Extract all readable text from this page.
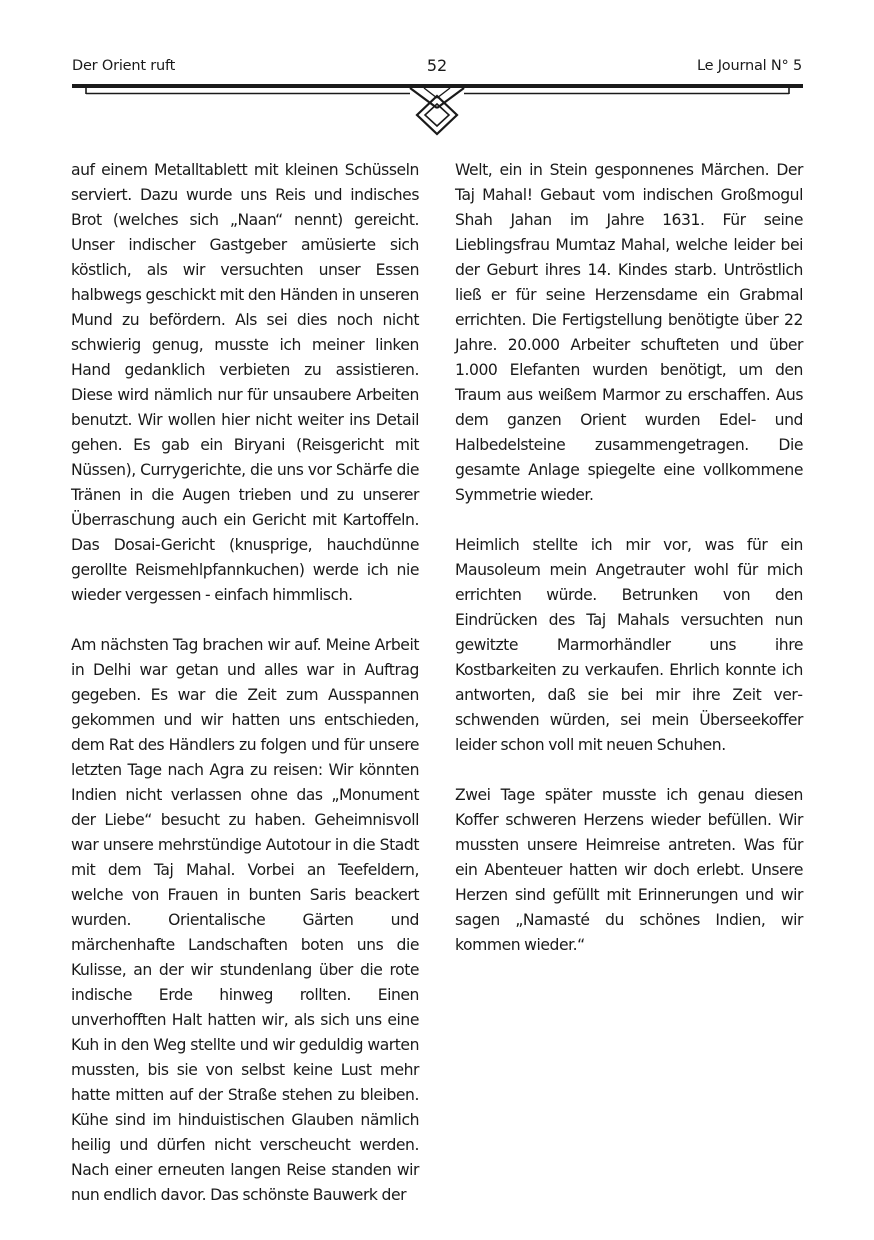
Der Orient ruft	52	Le Journal N° 5

auf einem Metalltablett mit kleinen Schüsseln serviert. Dazu wurde uns Reis und indisches Brot (welches sich „Naan“ nennt) gereicht. Unser indischer Gastgeber amüsierte sich köstlich, als wir versuchten unser Essen halbwegs geschickt mit den Händen in unseren Mund zu befördern. Als sei dies noch nicht schwierig genug, musste ich meiner linken Hand gedanklich verbieten zu assistieren. Diese wird nämlich nur für unsaubere Arbeiten benutzt. Wir wollen hier nicht weiter ins Detail gehen. Es gab ein Biryani (Reisgericht mit Nüssen), Currygerichte, die uns vor Schärfe die Tränen in die Augen trieben und zu unserer Überraschung auch ein Gericht mit Kartoffeln. Das Dosai-Gericht (knusprige, hauchdünne gerollte Reismehlpfannkuchen) werde ich nie wieder vergessen - einfach himmlisch.

Am nächsten Tag brachen wir auf. Meine Arbeit in Delhi war getan und alles war in Auftrag gegeben. Es war die Zeit zum Ausspannen gekommen und wir hatten uns entschieden, dem Rat des Händlers zu folgen und für unsere letzten Tage nach Agra zu reisen: Wir könnten Indien nicht verlassen ohne das „Monument der Liebe“ besucht zu haben. Geheimnisvoll war unsere mehrstündige Autotour in die Stadt mit dem Taj Mahal. Vorbei an Teefeldern, welche von Frauen in bunten Saris beackert wurden. Orientalische Gärten und märchenhafte Landschaften boten uns die Kulisse, an der wir stundenlang über die rote indische Erde hinweg rollten. Einen unverhofften Halt hatten wir, als sich uns eine Kuh in den Weg stellte und wir geduldig warten mussten, bis sie von selbst keine Lust mehr hatte mitten auf der Straße stehen zu bleiben. Kühe sind im hinduistischen Glauben nämlich heilig und dürfen nicht verscheucht werden. Nach einer erneuten langen Reise standen wir nun endlich davor. Das schönste Bauwerk der

Welt, ein in Stein gesponnenes Märchen. Der Taj Mahal! Gebaut vom indischen Großmogul Shah Jahan im Jahre 1631. Für seine Lieblingsfrau Mumtaz Mahal, welche leider bei der Geburt ihres 14. Kindes starb. Untröstlich ließ er für seine Herzensdame ein Grabmal errichten. Die Fertigstellung benötigte über 22 Jahre. 20.000 Arbeiter schufteten und über 1.000 Elefanten wurden benötigt, um den Traum aus weißem Marmor zu erschaffen. Aus dem ganzen Orient wurden Edel- und Halbedelsteine zusammengetragen. Die gesamte Anlage spiegelte eine vollkommene Symmetrie wieder.

Heimlich stellte ich mir vor, was für ein Mausoleum mein Angetrauter wohl für mich errichten würde. Betrunken von den Eindrücken des Taj Mahals versuchten nun gewitzte Marmorhändler uns ihre Kostbarkeiten zu verkaufen. Ehrlich konnte ich antworten, daß sie bei mir ihre Zeit verschwenden würden, sei mein Überseekoffer leider schon voll mit neuen Schuhen.

Zwei Tage später musste ich genau diesen Koffer schweren Herzens wieder befüllen. Wir mussten unsere Heimreise antreten. Was für ein Abenteuer hatten wir doch erlebt. Unsere Herzen sind gefüllt mit Erinnerungen und wir sagen „Namasté du schönes Indien, wir kommen wieder.“
